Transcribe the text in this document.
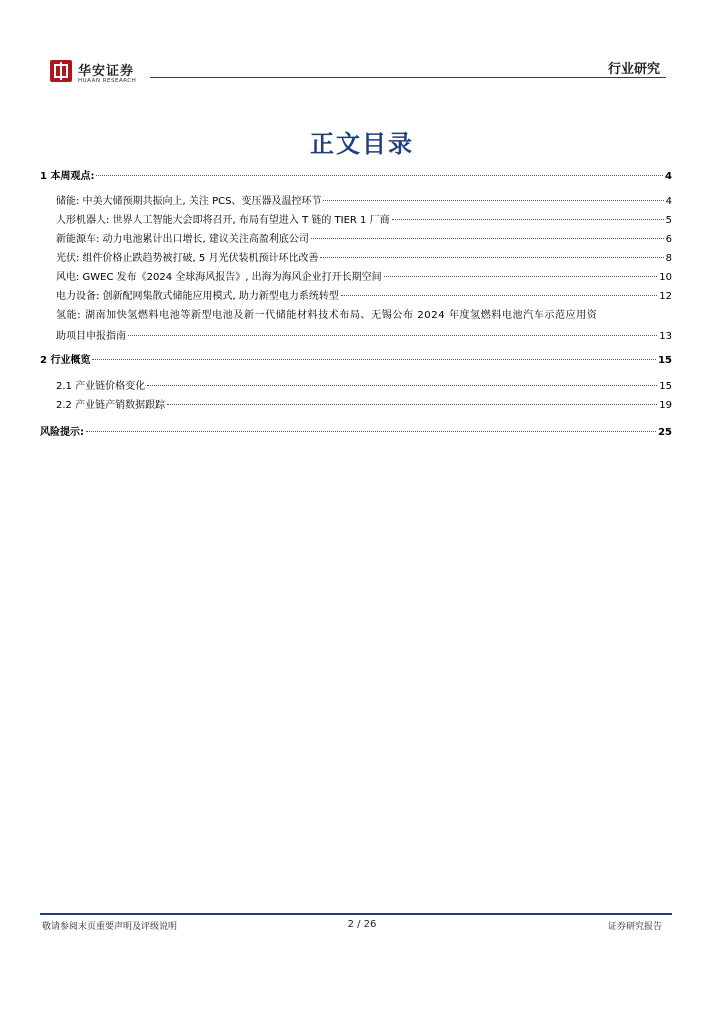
华安证券
HUAAN RESEARCH
行业研究
正文目录
1 本周观点:	4
储能: 中美大储预期共振向上, 关注 PCS、变压器及温控环节	4
人形机器人: 世界人工智能大会即将召开, 布局有望进入 T 链的 TIER 1 厂商	5
新能源车: 动力电池累计出口增长, 建议关注高盈利底公司	6
光伏: 组件价格止跌趋势被打破, 5 月光伏装机预计环比改善	8
风电: GWEC 发布《2024 全球海风报告》, 出海为海风企业打开长期空间	10
电力设备: 创新配网集散式储能应用模式, 助力新型电力系统转型	12
氢能: 湖南加快氢燃料电池等新型电池及新一代储能材料技术布局、无锡公布 2024 年度氢燃料电池汽车示范应用资
助项目申报指南	13
2 行业概览	15
2.1 产业链价格变化	15
2.2 产业链产销数据跟踪	19
风险提示:	25
敬请参阅末页重要声明及评级说明	2 / 26	证券研究报告
